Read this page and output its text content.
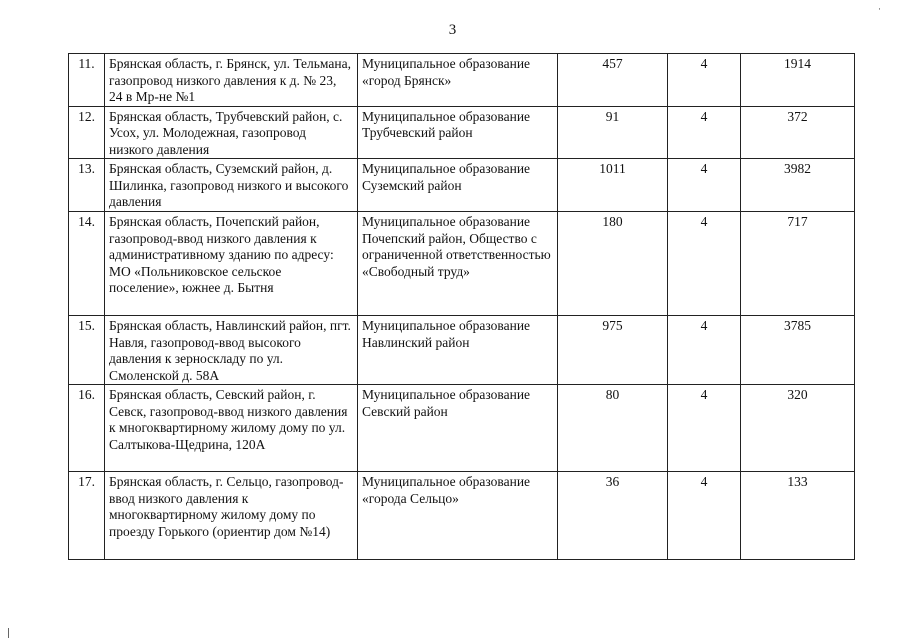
3
·
11.	Брянская область, г. Брянск, ул. Тельмана, газопровод низкого давления к д. № 23, 24 в Мр-не №1	Муниципальное образование «город Брянск»	457	4	1914
12.	Брянская область, Трубчевский район, с. Усох, ул. Молодежная, газопровод низкого давления	Муниципальное образование Трубчевский район	91	4	372
13.	Брянская область, Суземский район, д. Шилинка, газопровод низкого и высокого давления	Муниципальное образование Суземский район	1011	4	3982
14.	Брянская область, Почепский район, газопровод-ввод низкого давления к административному зданию по адресу: МО «Польниковское сельское поселение», южнее д. Бытня	Муниципальное образование Почепский район, Общество с ограниченной ответственностью «Свободный труд»	180	4	717
15.	Брянская область, Навлинский район, пгт. Навля, газопровод-ввод высокого давления к зерноскладу по ул. Смоленской д. 58А	Муниципальное образование Навлинский район	975	4	3785
16.	Брянская область, Севский район, г. Севск, газопровод-ввод низкого давления к многоквартирному жилому дому по ул. Салтыкова-Щедрина, 120А	Муниципальное образование Севский район	80	4	320
17.	Брянская область, г. Сельцо, газопровод- ввод низкого давления к многоквартирному жилому дому по проезду Горького (ориентир дом №14)	Муниципальное образование «города Сельцо»	36	4	133
